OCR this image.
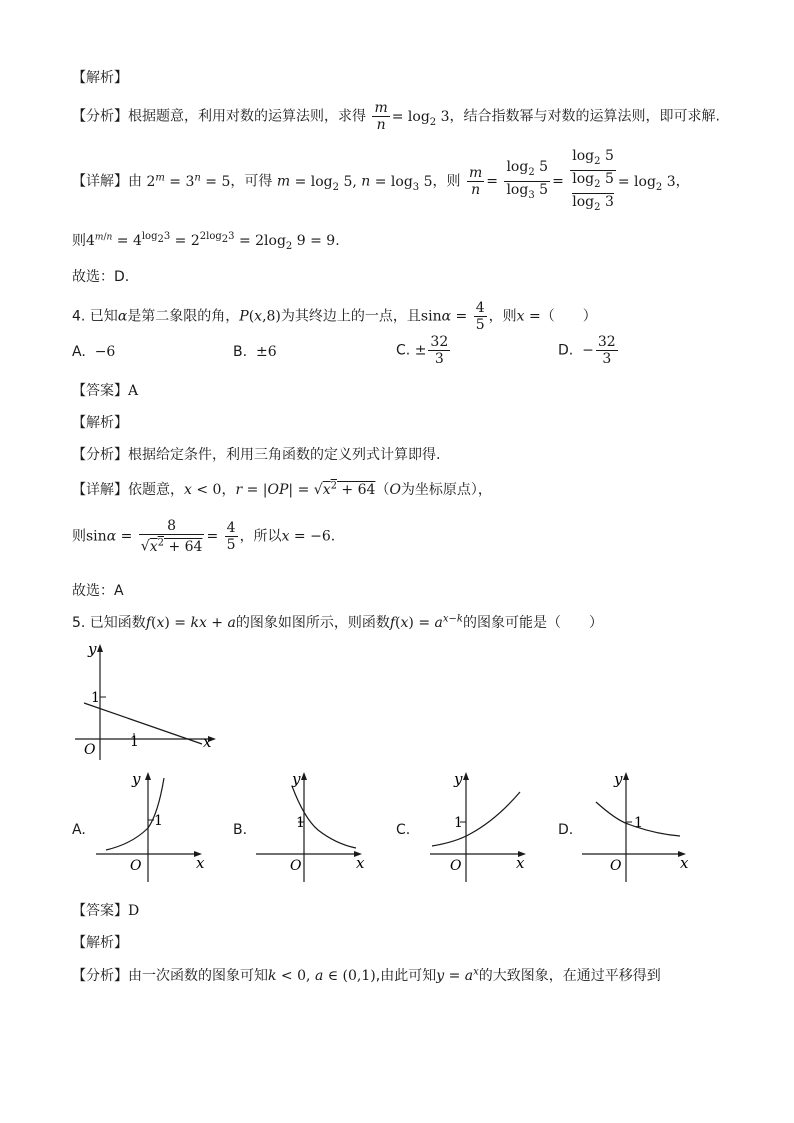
【解析】
【分析】根据题意，利用对数的运算法则，求得 $\frac{m}{n} = \log_2 3$，结合指数幂与对数的运算法则，即可求解.
【详解】由 $2^m = 3^n = 5$，可得 $m = \log_2 5$, $n = \log_3 5$，则 $\frac{m}{n} = \frac{\log_2 5}{\log_3 5} = \log_2 5$
$\log_2 5$
$\log_2 3 = \log_2 3$，
则$4^{m/n} = 4^{log_23} = 2^{2log_23} = 2\log_2$ 9 = 9.
故选：D.
4. 已知α是第二象限的角，P(x,8)为其终边上的一点，且$\sin\alpha = \frac{4}{5}$ ，则x =（　　）
A. −6	B. ±6	C. ± $\frac{32}{3}$	D. − $\frac{32}{3}$
【答案】A
【解析】
【分析】根据给定条件，利用三角函数的定义列式计算即得.
【详解】依题意，x < 0，$r = |OP| = √x^2 + 64(O$为坐标原点），
则$\sin\alpha = \frac{8}{√x^2 + 64} = \frac{4}{5}$ ，所以x = −6.
故选：A
5. 已知函数f(x) = kx + a的图象如图所示，则函数$f(x) = a^{x-k}$的图象可能是（　　）
y
1
O 1	x
A.
y
1
O	x
B.
y
1
O	x
C.
y
1
O	x
D.
y
1
O	x
【答案】D
【解析】
【分析】由一次函数的图象可知k < 0, a ∈ (0,1),由此可知$y = a^x$的大致图象，在通过平移得到
